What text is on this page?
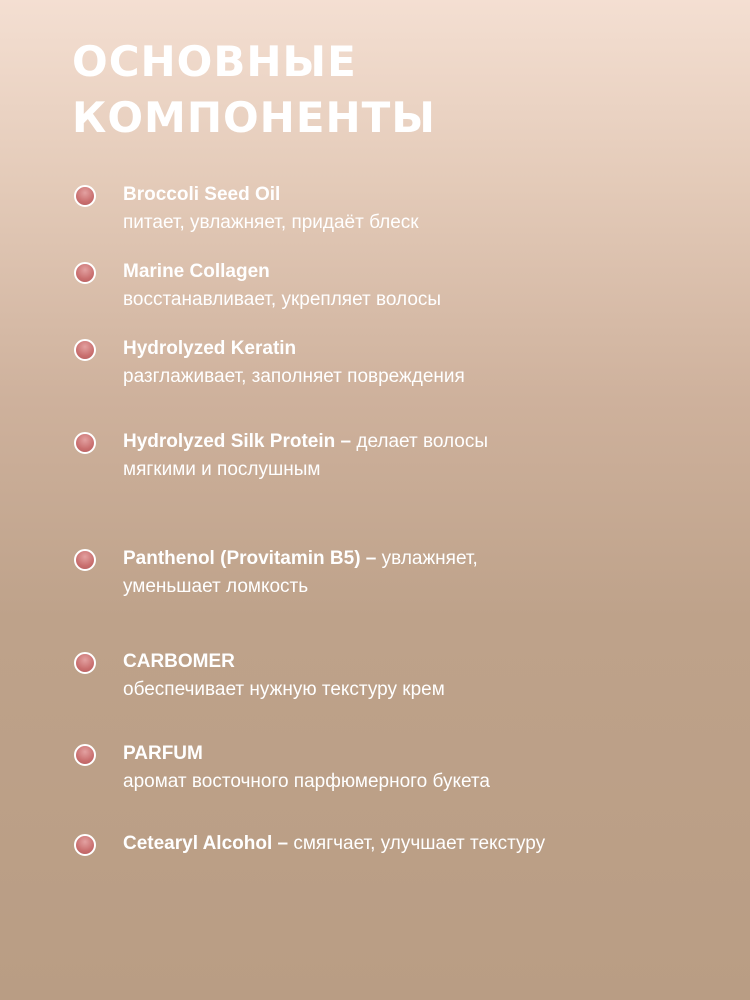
ОСНОВНЫЕ
КОМПОНЕНТЫ
Broccoli Seed Oil
питает, увлажняет, придаёт блеск
Marine Collagen
восстанавливает, укрепляет волосы
Hydrolyzed Keratin
разглаживает, заполняет повреждения
Hydrolyzed Silk Protein – делает волосы мягкими и послушным
Panthenol (Provitamin B5) – увлажняет, уменьшает ломкость
CARBOMER
обеспечивает нужную текстуру крем
PARFUM
аромат восточного парфюмерного букета
Cetearyl Alcohol – смягчает, улучшает текстуру
